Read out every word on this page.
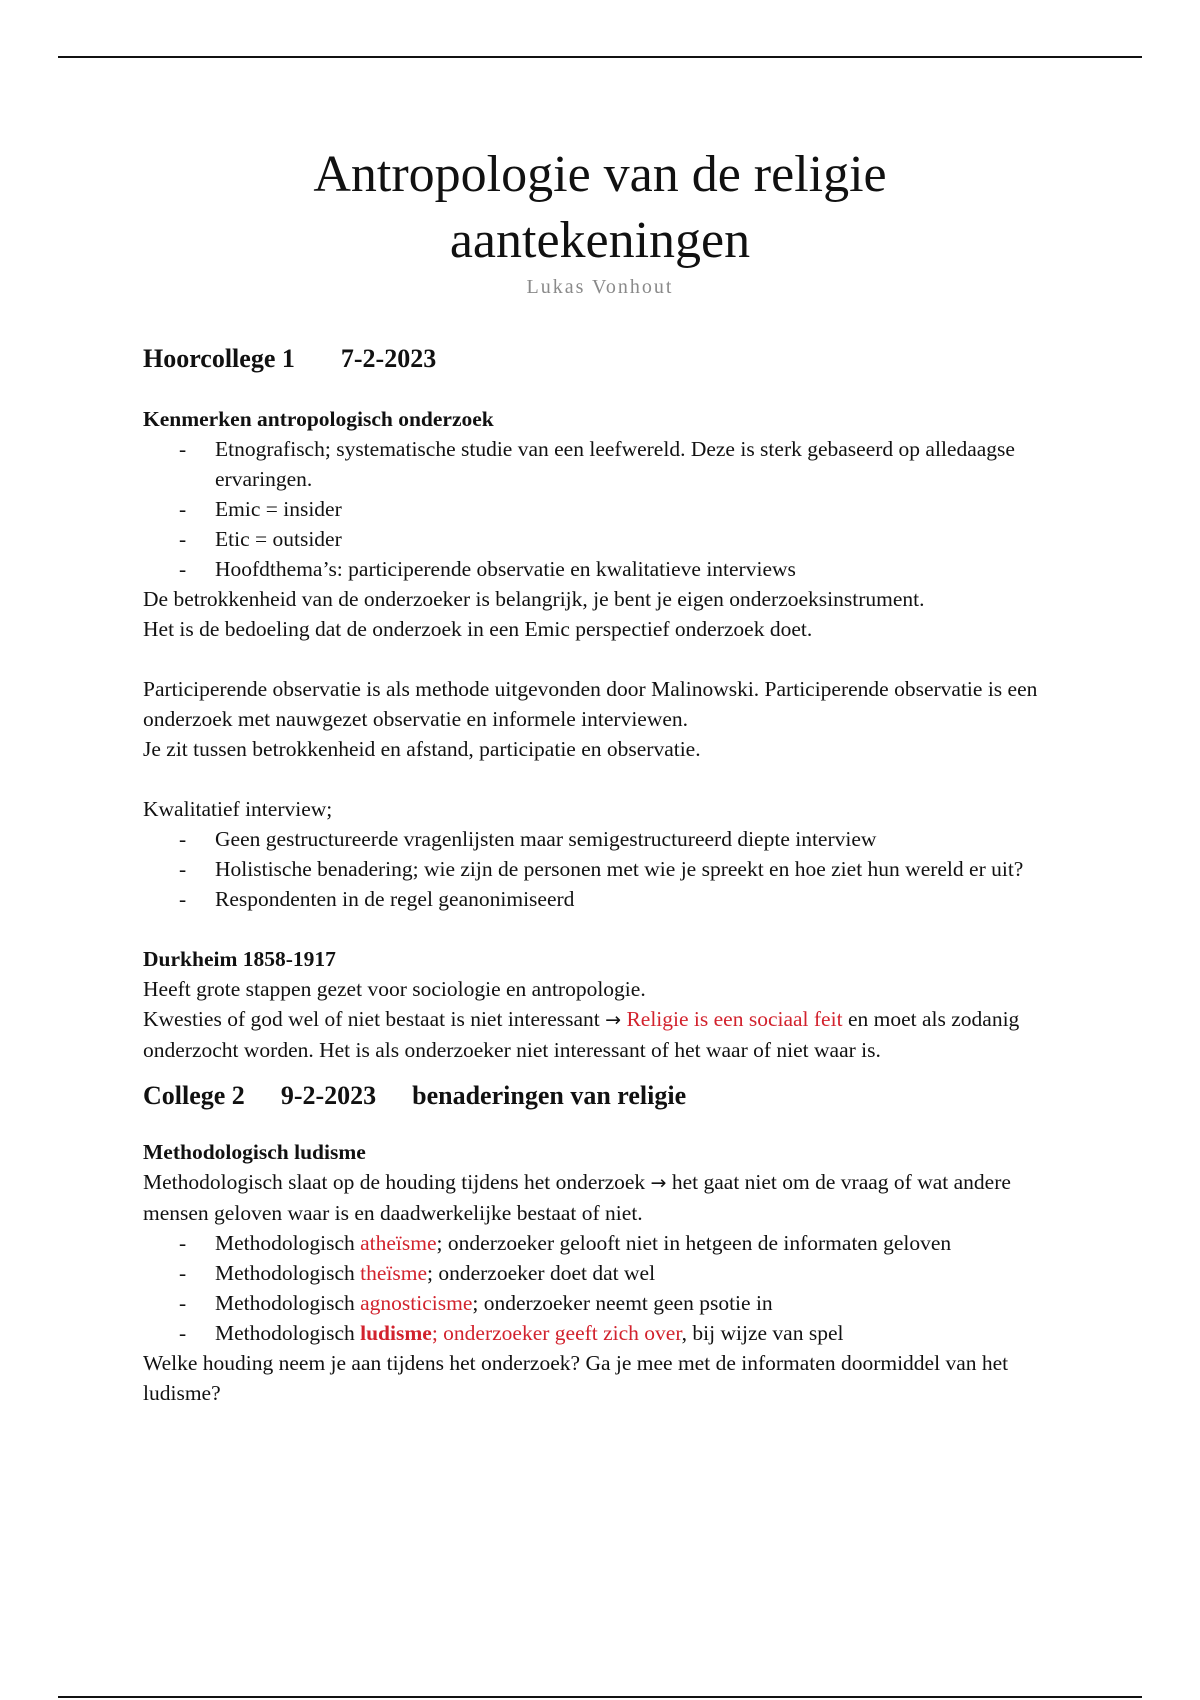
Antropologie van de religie
aantekeningen
Lukas Vonhout
Hoorcollege 1 7-2-2023

Kenmerken antropologisch onderzoek

- Etnografisch; systematische studie van een leefwereld. Deze is sterk gebaseerd op alledaagse ervaringen.
- Emic = insider
- Etic = outsider
- Hoofdthema’s: participerende observatie en kwalitatieve interviews

De betrokkenheid van de onderzoeker is belangrijk, je bent je eigen onderzoeksinstrument.

Het is de bedoeling dat de onderzoek in een Emic perspectief onderzoek doet.

Participerende observatie is als methode uitgevonden door Malinowski. Participerende observatie is een onderzoek met nauwgezet observatie en informele interviewen.

Je zit tussen betrokkenheid en afstand, participatie en observatie.

Kwalitatief interview;

- Geen gestructureerde vragenlijsten maar semigestructureerd diepte interview
- Holistische benadering; wie zijn de personen met wie je spreekt en hoe ziet hun wereld er uit?
- Respondenten in de regel geanonimiseerd

Durkheim 1858-1917

Heeft grote stappen gezet voor sociologie en antropologie.

Kwesties of god wel of niet bestaat is niet interessant → Religie is een sociaal feit en moet als zodanig onderzocht worden. Het is als onderzoeker niet interessant of het waar of niet waar is.

College 2 9-2-2023 benaderingen van religie

Methodologisch ludisme

Methodologisch slaat op de houding tijdens het onderzoek → het gaat niet om de vraag of wat andere mensen geloven waar is en daadwerkelijke bestaat of niet.

- Methodologisch atheïsme; onderzoeker gelooft niet in hetgeen de informaten geloven
- Methodologisch theïsme; onderzoeker doet dat wel
- Methodologisch agnosticisme; onderzoeker neemt geen psotie in
- Methodologisch ludisme; onderzoeker geeft zich over, bij wijze van spel

Welke houding neem je aan tijdens het onderzoek? Ga je mee met de informaten doormiddel van het ludisme?
